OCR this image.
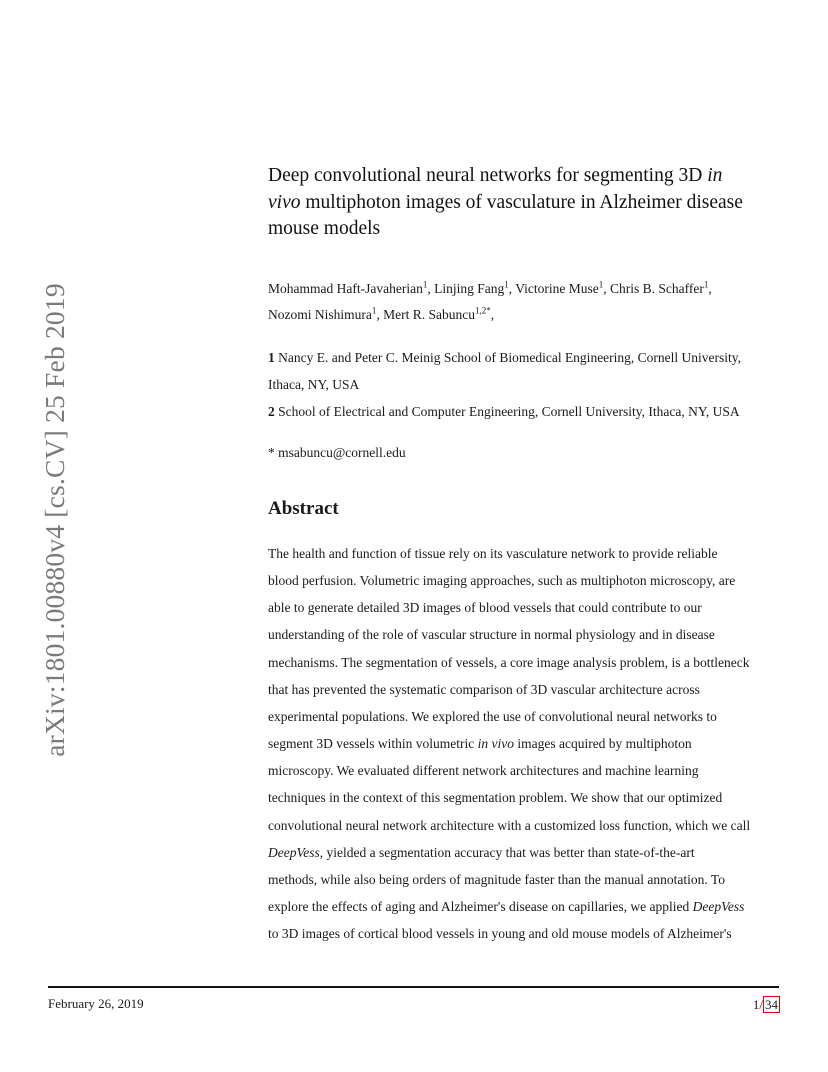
arXiv:1801.00880v4 [cs.CV] 25 Feb 2019
Deep convolutional neural networks for segmenting 3D in
vivo multiphoton images of vasculature in Alzheimer disease
mouse models
Mohammad Haft-Javaherian$^1$, Linjing Fang$^1$, Victorine Muse$^1$, Chris B. Schaffer$^1$,
Nozomi Nishimura$^1$, Mert R. Sabuncu$^{1,2*}$,
1 Nancy E. and Peter C. Meinig School of Biomedical Engineering, Cornell University,
Ithaca, NY, USA
2 School of Electrical and Computer Engineering, Cornell University, Ithaca, NY, USA
* msabuncu@cornell.edu
Abstract
The health and function of tissue rely on its vasculature network to provide reliable
blood perfusion. Volumetric imaging approaches, such as multiphoton microscopy, are
able to generate detailed 3D images of blood vessels that could contribute to our
understanding of the role of vascular structure in normal physiology and in disease
mechanisms. The segmentation of vessels, a core image analysis problem, is a bottleneck
that has prevented the systematic comparison of 3D vascular architecture across
experimental populations. We explored the use of convolutional neural networks to
segment 3D vessels within volumetric in vivo images acquired by multiphoton
microscopy. We evaluated different network architectures and machine learning
techniques in the context of this segmentation problem. We show that our optimized
convolutional neural network architecture with a customized loss function, which we call
DeepVess, yielded a segmentation accuracy that was better than state-of-the-art
methods, while also being orders of magnitude faster than the manual annotation. To
explore the effects of aging and Alzheimer's disease on capillaries, we applied DeepVess
to 3D images of cortical blood vessels in young and old mouse models of Alzheimer's
February 26, 2019	1/ 34
